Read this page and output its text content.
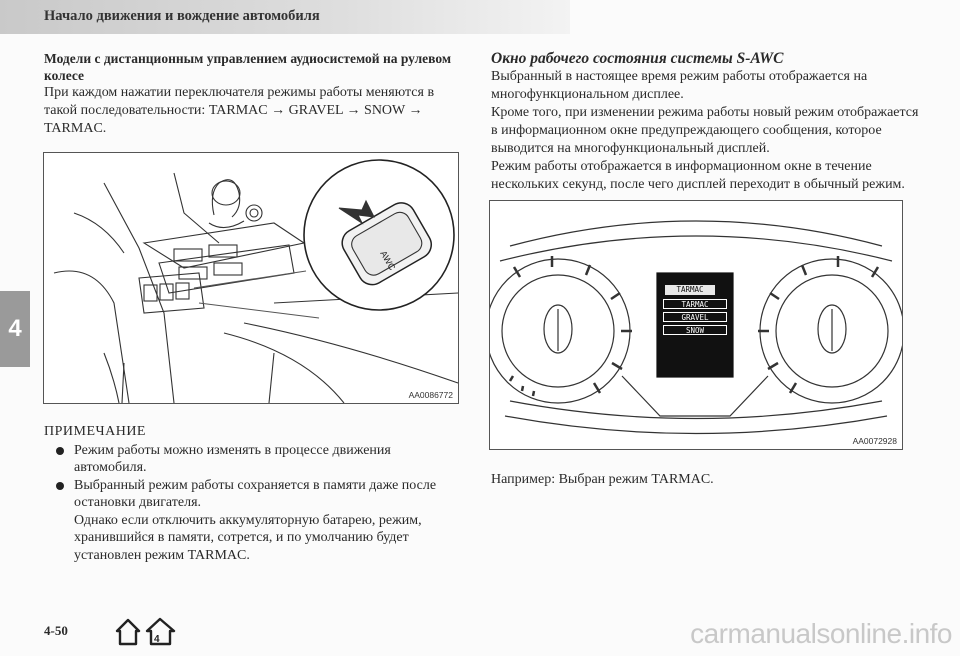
Начало движения и вождение автомобиля
4

Модели с дистанционным управлением аудиосистемой на рулевом колесе

При каждом нажатии переключателя режимы работы меняются в такой последовательности: TARMAC → GRAVEL → SNOW → TARMAC.

AWC
AA0086772
ПРИМЕЧАНИЕ
Режим работы можно изменять в процессе движения автомобиля.
Выбранный режим работы сохраняется в памяти даже после остановки двигателя.
Однако если отключить аккумуляторную батарею, режим, хранившийся в памяти, сотрется, и по умолчанию будет установлен режим TARMAC.

Окно рабочего состояния системы S-AWC

Выбранный в настоящее время режим работы отображается на многофункциональном дисплее.

Кроме того, при изменении режима работы новый режим отображается в информационном окне предупреждающего сообщения, которое выводится на многофункциональный дисплей.

Режим работы отображается в информационном окне в течение нескольких секунд, после чего дисплей переходит в обычный режим.

TARMAC
TARMAC
GRAVEL
SNOW
AA0072928
Например: Выбран режим TARMAC.
4-50
4	carmanualsonline.info
